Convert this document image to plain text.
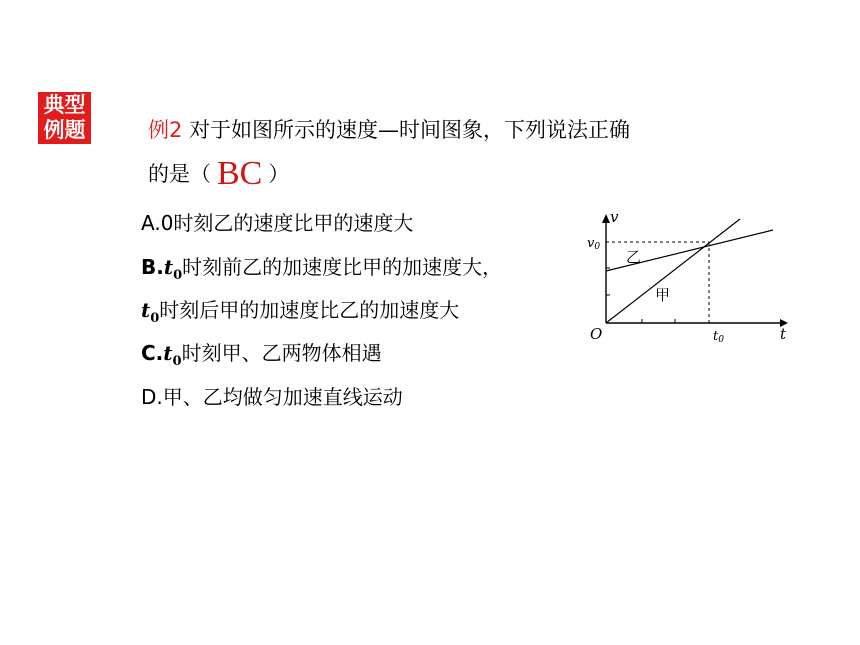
典型
例题	例2 对于如图所示的速度—时间图象，下列说法正确
的是（ BC ）
A.0时刻乙的速度比甲的速度大
$B.t_0$时刻前乙的加速度比甲的加速度大，
$t_0$时刻后甲的加速度比乙的加速度大
$C.t_0$时刻甲、乙两物体相遇
D.甲、乙均做匀加速直线运动
v
t
O
v0
t0
乙
甲
